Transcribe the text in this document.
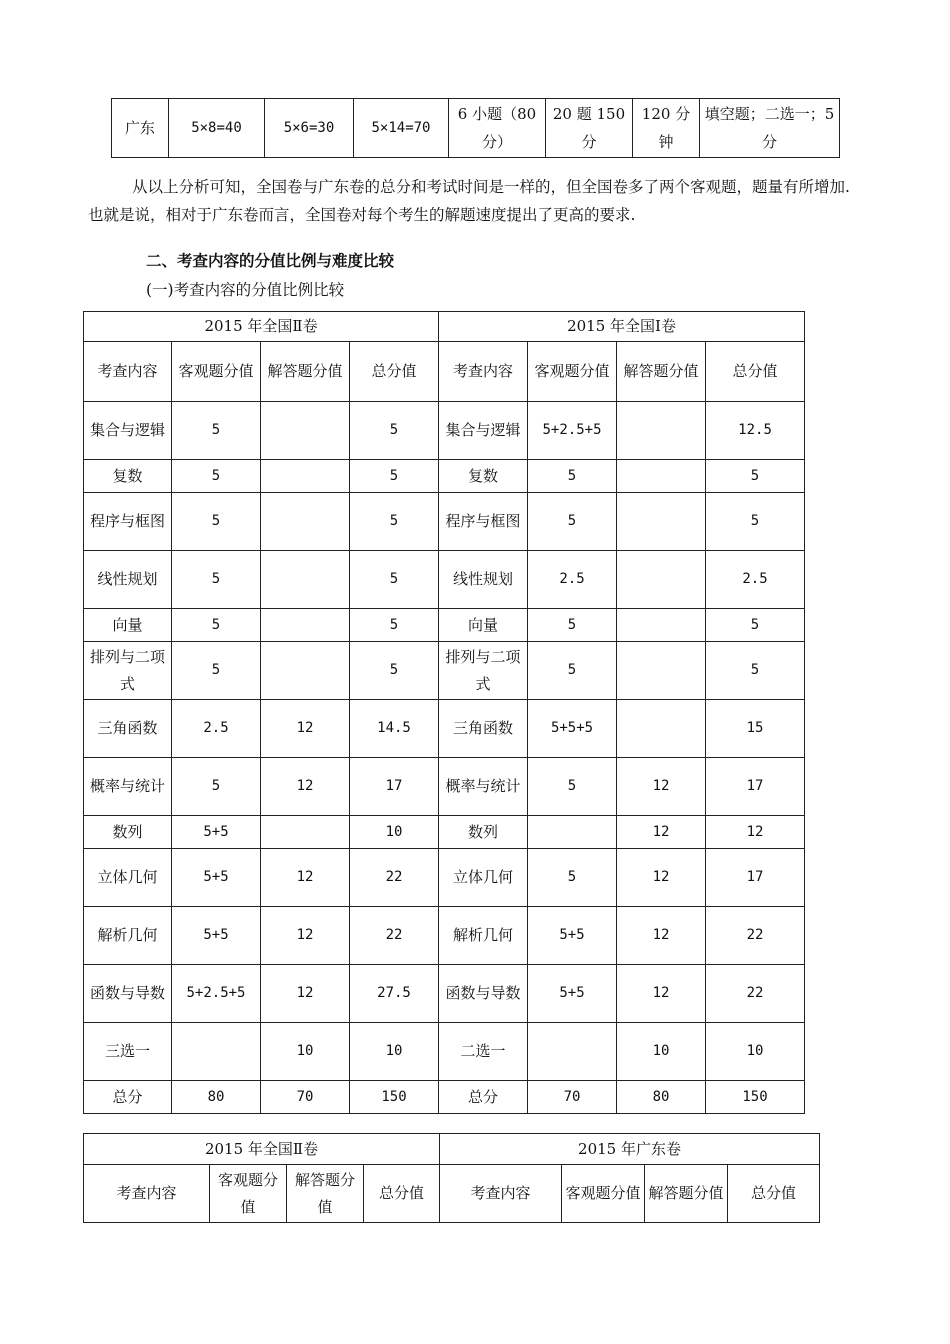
广东	5×8=40	5×6=30	5×14=70	6 小题（80 分）	20 题 150 分	120 分钟	填空题；二选一；5 分

从以上分析可知，全国卷与广东卷的总分和考试时间是一样的，但全国卷多了两个客观题，题量有所增加. 也就是说，相对于广东卷而言，全国卷对每个考生的解题速度提出了更高的要求.

二、考查内容的分值比例与难度比较
(一)考查内容的分值比例比较
2015 年全国Ⅱ卷				2015 年全国Ⅰ卷			
考查内容	客观题分值	解答题分值	总分值	考查内容	客观题分值	解答题分值	总分值
集合与逻辑	5		5	集合与逻辑	5+2.5+5		12.5
复数	5		5	复数	5		5
程序与框图	5		5	程序与框图	5		5
线性规划	5		5	线性规划	2.5		2.5
向量	5		5	向量	5		5
排列与二项式	5		5	排列与二项式	5		5
三角函数	2.5	12	14.5	三角函数	5+5+5		15
概率与统计	5	12	17	概率与统计	5	12	17
数列	5+5		10	数列		12	12
立体几何	5+5	12	22	立体几何	5	12	17
解析几何	5+5	12	22	解析几何	5+5	12	22
函数与导数	5+2.5+5	12	27.5	函数与导数	5+5	12	22
三选一		10	10	二选一		10	10
总分	80	70	150	总分	70	80	150
2015 年全国Ⅱ卷				2015 年广东卷			
考查内容	客观题分值	解答题分值	总分值	考查内容	客观题分值	解答题分值	总分值
